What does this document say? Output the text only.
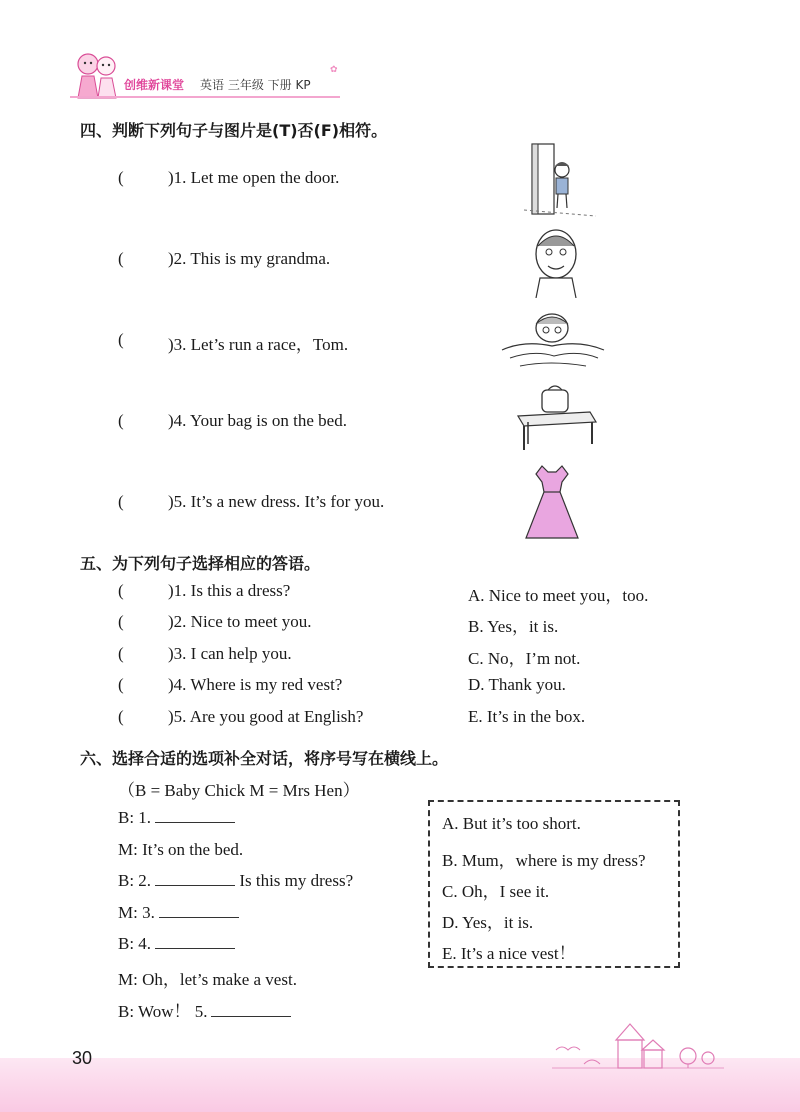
创维新课堂 英语 三年级 下册 KP
✿
四、判断下列句子与图片是(T)否(F)相符。
(	)1. Let me open the door.
(	)2. This is my grandma.
(	)3. Let’s run a race，Tom.
(	)4. Your bag is on the bed.
(	)5. It’s a new dress. It’s for you.
五、为下列句子选择相应的答语。
(	)1. Is this a dress?	A. Nice to meet you，too.
(	)2. Nice to meet you.	B. Yes，it is.
(	)3. I can help you.	C. No，I’m not.
(	)4. Where is my red vest?	D. Thank you.
(	)5. Are you good at English?	E. It’s in the box.
六、选择合适的选项补全对话，将序号写在横线上。
（B = Baby Chick M = Mrs Hen）
B: 1.
M: It’s on the bed.
B: 2.	Is this my dress?
M: 3.
B: 4.
M: Oh，let’s make a vest.
B: Wow！ 5.
A. But it’s too short.
B. Mum，where is my dress?
C. Oh，I see it.
D. Yes，it is.
E. It’s a nice vest！
30
